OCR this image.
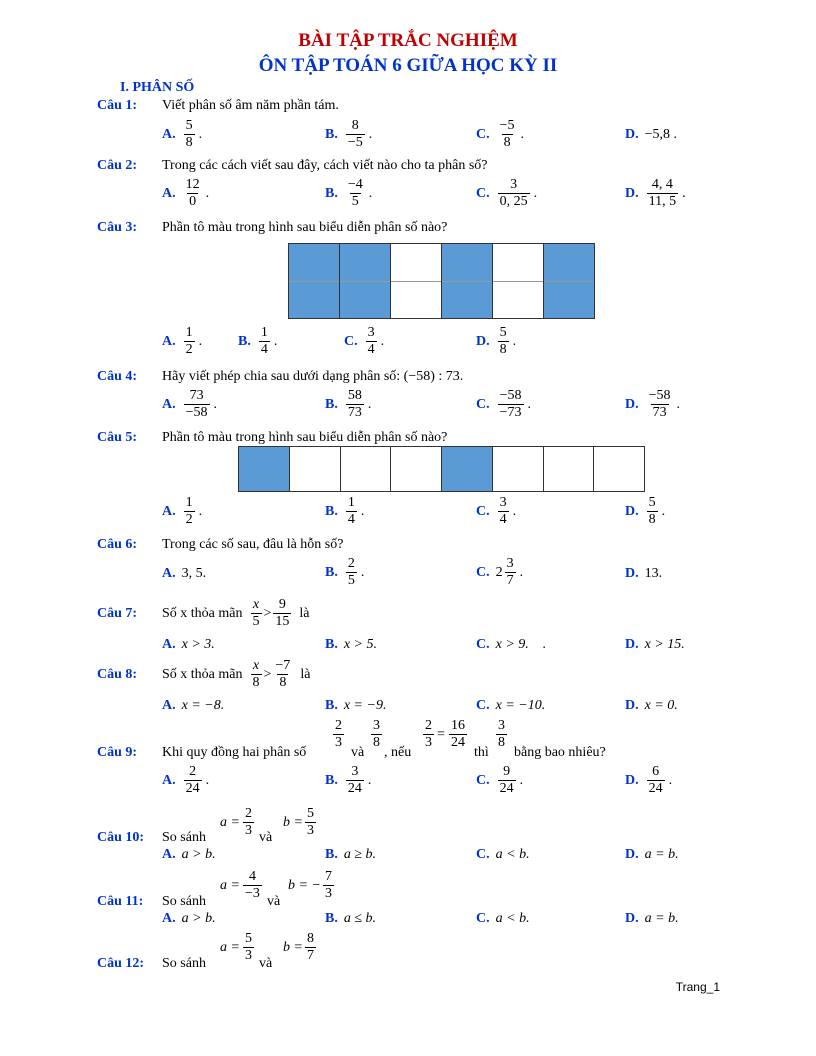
BÀI TẬP TRẮC NGHIỆM
ÔN TẬP TOÁN 6 GIỮA HỌC KỲ II
I. PHÂN SỐ
Câu 1: Viết phân số âm năm phần tám.
A. $\frac{5}{8}$ .	B. $\frac{8}{-5}$ .	C. $\frac{-5}{8}$ .	D. −5,8 .
Câu 2: Trong các cách viết sau đây, cách viết nào cho ta phân số?
A. $\frac{12}{0}$ .	B. $\frac{-4}{5}$ .	C. $\frac{3}{0, 25}$ .	D. $\frac{4, 4}{11, 5}$ .
Câu 3: Phần tô màu trong hình sau biểu diễn phân số nào?
A. $\frac{1}{2}$ .	B. $\frac{1}{4}$ .	C. $\frac{3}{4}$ .	D. $\frac{5}{8}$ .
Câu 4: Hãy viết phép chia sau dưới dạng phân số: (−58) : 73.
A. $\frac{73}{-58}$ .	B. $\frac{58}{73}$ .	C. $\frac{-58}{-73}$ .	D. $\frac{-58}{73}$ .
Câu 5: Phần tô màu trong hình sau biểu diễn phân số nào?
A. $\frac{1}{2}$ .	B. $\frac{1}{4}$ .	C. $\frac{3}{4}$ .	D. $\frac{5}{8}$ .
Câu 6: Trong các số sau, đâu là hỗn số?
A. 3, 5.	B. $\frac{2}{5}$ .	C. $2 \frac{3}{7}$ .	D. 13.
Câu 7: Số x thỏa mãn $\frac{x}{5} > \frac{9}{15}$ là
A. x > 3.	B. x > 5.	C. x > 9.    .	D. x > 15.
Câu 8: Số x thỏa mãn $\frac{x}{8} > \frac{-7}{8}$ là
A. x = −8.	B. x = −9.	C. x = −10.	D. x = 0.
Câu 9: Khi quy đồng hai phân số
$\frac{2}{3}$
và
$\frac{3}{8}$
, nếu
$\frac{2}{3} = \frac{16}{24}$
thì
$\frac{3}{8}$
bằng bao nhiêu?
A. $\frac{2}{24}$ .	B. $\frac{3}{24}$ .	C. $\frac{9}{24}$ .	D. $\frac{6}{24}$ .
Câu 10: So sánh
$a = \frac{2}{3}$ và
$b = \frac{5}{3}$
A. a > b.	B. a ≥ b.	C. a < b.	D. a = b.
Câu 11: So sánh
$a = \frac{4}{-3}$ và
b = − $\frac{7}{3}$
A. a > b.	B. a ≤ b.	C. a < b.	D. a = b.
Câu 12: So sánh
$a = \frac{5}{3}$ và
$b = \frac{8}{7}$
Trang_1
